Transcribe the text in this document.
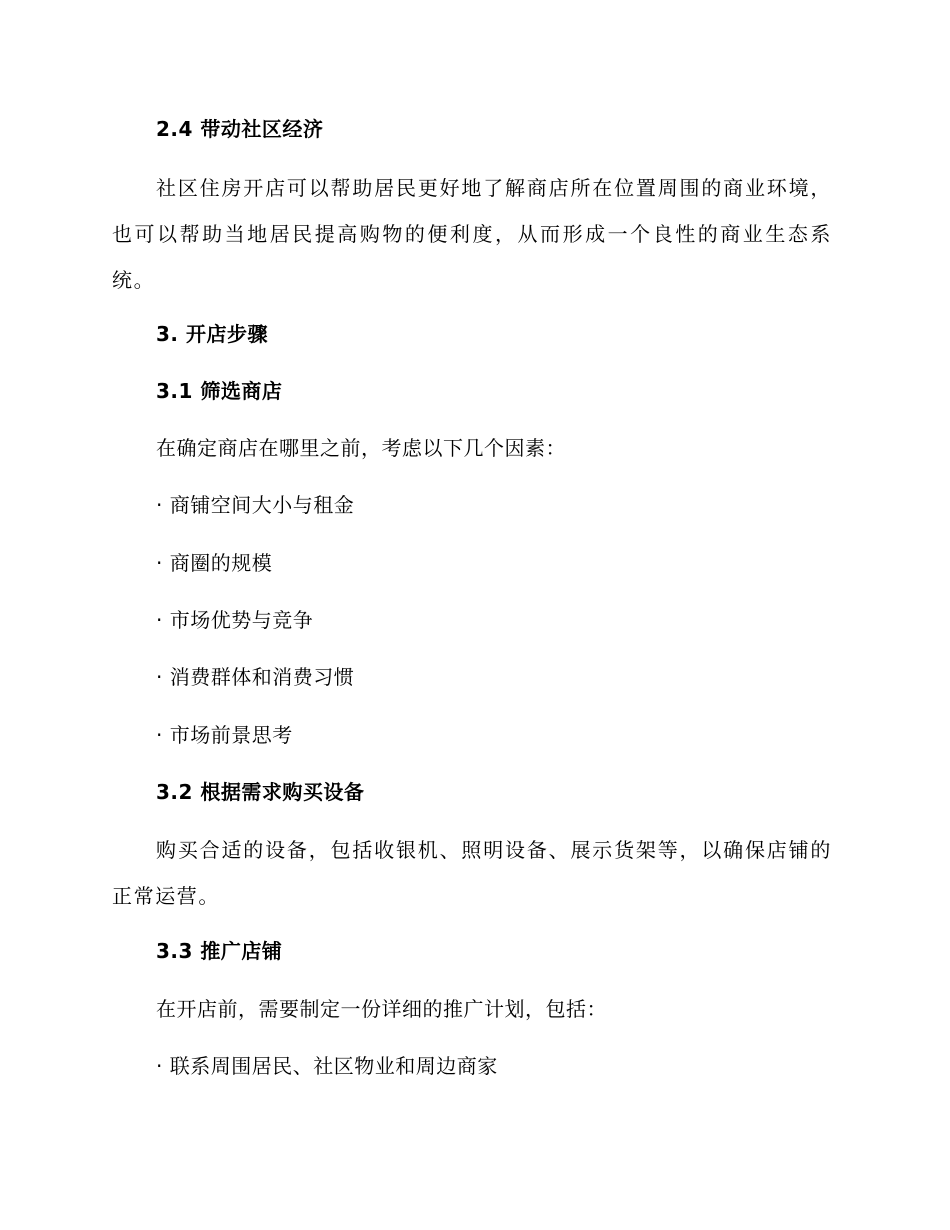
2.4 带动社区经济
社区住房开店可以帮助居民更好地了解商店所在位置周围的商业环境，也可以帮助当地居民提高购物的便利度，从而形成一个良性的商业生态系统。
3. 开店步骤
3.1 筛选商店
在确定商店在哪里之前，考虑以下几个因素：
· 商铺空间大小与租金
· 商圈的规模
· 市场优势与竞争
· 消费群体和消费习惯
· 市场前景思考
3.2 根据需求购买设备
购买合适的设备，包括收银机、照明设备、展示货架等，以确保店铺的正常运营。
3.3 推广店铺
在开店前，需要制定一份详细的推广计划，包括：
· 联系周围居民、社区物业和周边商家
